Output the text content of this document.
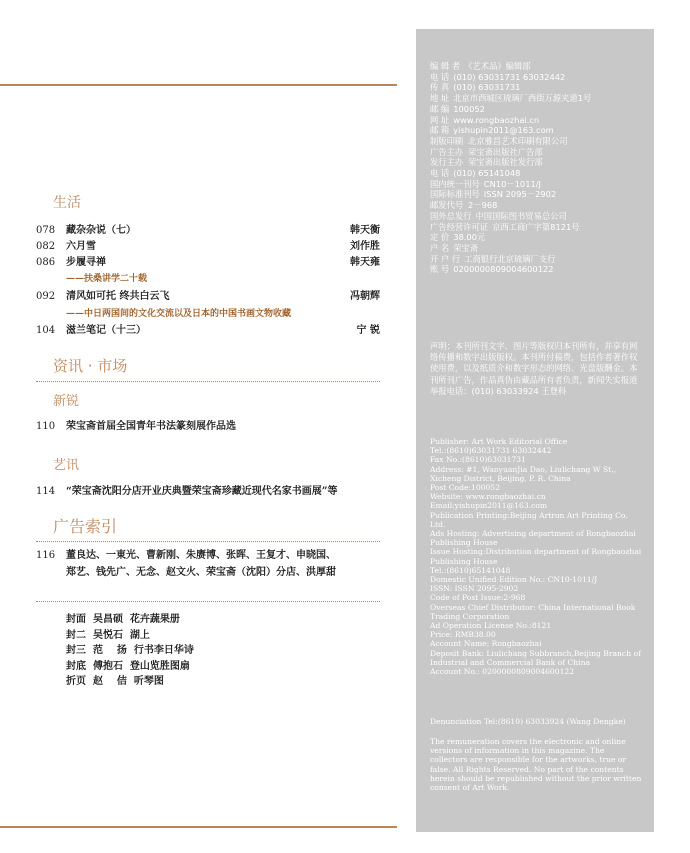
生活
078 藏杂杂说（七）	韩天衡
082 六月雪	刘作胜
086 步履寻禅	韩天雍
——扶桑讲学二十载
092 清风如可托 终共白云飞	冯朝辉
——中日两国间的文化交流以及日本的中国书画文物收藏
104 滋兰笔记（十三）	宁 锐
资讯 · 市场
新锐
110 荣宝斋首届全国青年书法篆刻展作品选
艺讯
114 “荣宝斋沈阳分店开业庆典暨荣宝斋珍藏近现代名家书画展”等
广告索引
116 董良达、一東光、曹新刚、朱赓博、张晖、王复才、申晓国、
郑艺、钱先广、无念、赵文火、荣宝斋（沈阳）分店、洪厚甜
封面  吴昌硕  花卉蔬果册
封二  吴悦石  湖上
封三  范    扬  行书李日华诗
封底  傅抱石  登山览胜图扇
折页  赵    佶  听琴图
编 辑 者 《艺术品》编辑部
电 话 (010) 63031731 63032442
传 真 (010) 63031731
地 址 北京市西城区琉璃厂西街万源夹道1号
邮 编 100052
网 址 www.rongbaozhai.cn
邮 箱 yishupin2011@163.com
制版印刷 北京雅昌艺术印刷有限公司
广告主办 荣宝斋出版社广告部
发行主办 荣宝斋出版社发行部
电 话 (010) 65141048
国内统一刊号 CN10－1011/J
国际标准刊号 ISSN 2095－2902
邮发代号 2－968
国外总发行 中国国际图书贸易总公司
广告经营许可证 京西工商广字第8121号
定 价 38.00元
户 名 荣宝斋
开 户 行 工商银行北京琉璃厂支行
账 号 0200000809004600122
声明：本刊所刊文字、图片等版权归本刊所有，并享有网络传播和数字出版版权。本刊所付稿费，包括作者著作权使用费，以及纸质介和数字形态的网络、光盘版酬金。本刊所刊广告，作品真伪由藏品所有者负责，新闻失实报道举报电话：(010) 63033924 王登科
Publisher: Art Work Editorial Office
Tel.:(8610)63031731 63032442
Fax No.:(8610)63031731
Address: #1, WanyuanJia Dao, Liulichang W St.,
Xicheng District, Beijing, P. R. China
Post Code:100052
Website: www.rongbaozhai.cn
Email:yishupin2011@163.com
Publication Printing:Beijing Artron Art Printing Co. Ltd.
Ads Hosting: Advertising department of Rongbaozhai Publishing House
Issue Hosting:Distribution department of Rongbaozhai Publishing House
Tel.:(8610)65141048
Domestic Unified Edition No.: CN10-1011/J
ISSN: ISSN 2095-2902
Code of Post Issue:2-968
Overseas Chief Distributor: China International Book Trading Corporation
Ad Operation License No.:8121
Price: RMB38.00
Account Name: Rongbaozhai
Deposit Bank: Liulichang Subbranch,Beijing Branch of Industrial and Commercial Bank of China
Account No.: 0200000809004600122
Denunciation Tel:(8610) 63033924 (Wang Dengke)
The remuneration covers the electronic and online versions of information in this magazine. The collectors are responsible for the artworks, true or false. All Rights Reserved. No part of the contents herein should be republished without the prior written consent of Art Work.
